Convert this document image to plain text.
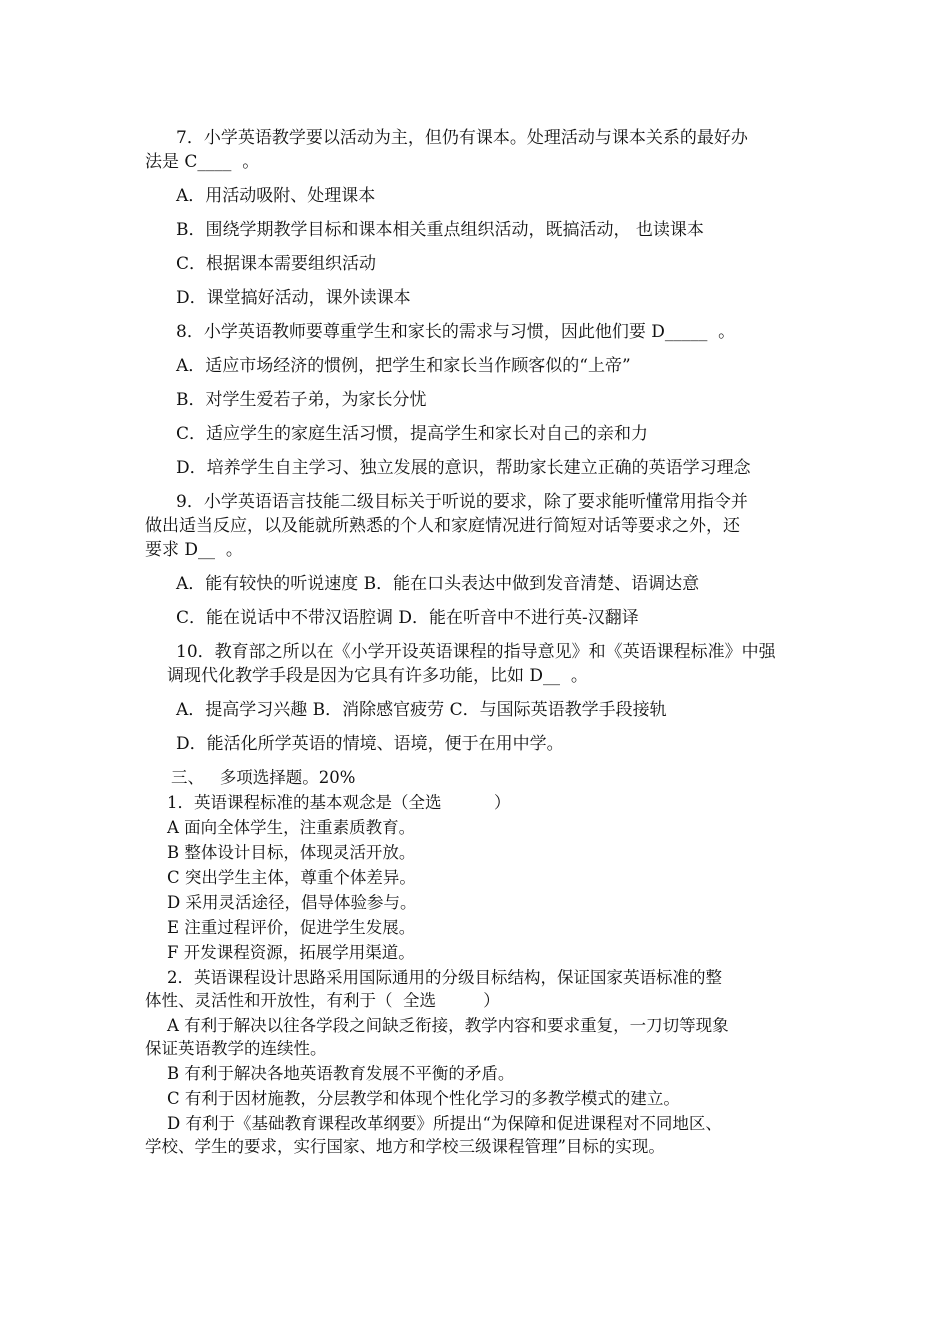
7．小学英语教学要以活动为主，但仍有课本。处理活动与课本关系的最好办
法是 C____  。
A．用活动吸附、处理课本
B．围绕学期教学目标和课本相关重点组织活动，既搞活动， 也读课本
C．根据课本需要组织活动
D．课堂搞好活动，课外读课本
8．小学英语教师要尊重学生和家长的需求与习惯，因此他们要 D_____  。
A．适应市场经济的惯例，把学生和家长当作顾客似的“上帝”
B．对学生爱若子弟，为家长分忧
C．适应学生的家庭生活习惯，提高学生和家长对自己的亲和力
D．培养学生自主学习、独立发展的意识，帮助家长建立正确的英语学习理念
9．小学英语语言技能二级目标关于听说的要求，除了要求能听懂常用指令并
做出适当反应，以及能就所熟悉的个人和家庭情况进行简短对话等要求之外，还
要求 D__  。
A．能有较快的听说速度 B．能在口头表达中做到发音清楚、语调达意
C．能在说话中不带汉语腔调 D．能在听音中不进行英-汉翻译
10．教育部之所以在《小学开设英语课程的指导意见》和《英语课程标准》中强
调现代化教学手段是因为它具有许多功能，比如 D__  。
A．提高学习兴趣 B．消除感官疲劳 C．与国际英语教学手段接轨
D．能活化所学英语的情境、语境，便于在用中学。
三、   多项选择题。20%
1．英语课程标准的基本观念是（全选          ）
A 面向全体学生，注重素质教育。
B 整体设计目标，体现灵活开放。
C 突出学生主体，尊重个体差异。
D 采用灵活途径，倡导体验参与。
E 注重过程评价，促进学生发展。
F 开发课程资源，拓展学用渠道。
2．英语课程设计思路采用国际通用的分级目标结构，保证国家英语标准的整
体性、灵活性和开放性，有利于（  全选         ）
A 有利于解决以往各学段之间缺乏衔接，教学内容和要求重复，一刀切等现象
保证英语教学的连续性。
B 有利于解决各地英语教育发展不平衡的矛盾。
C 有利于因材施教，分层教学和体现个性化学习的多教学模式的建立。
D 有利于《基础教育课程改革纲要》所提出“为保障和促进课程对不同地区、
学校、学生的要求，实行国家、地方和学校三级课程管理”目标的实现。
